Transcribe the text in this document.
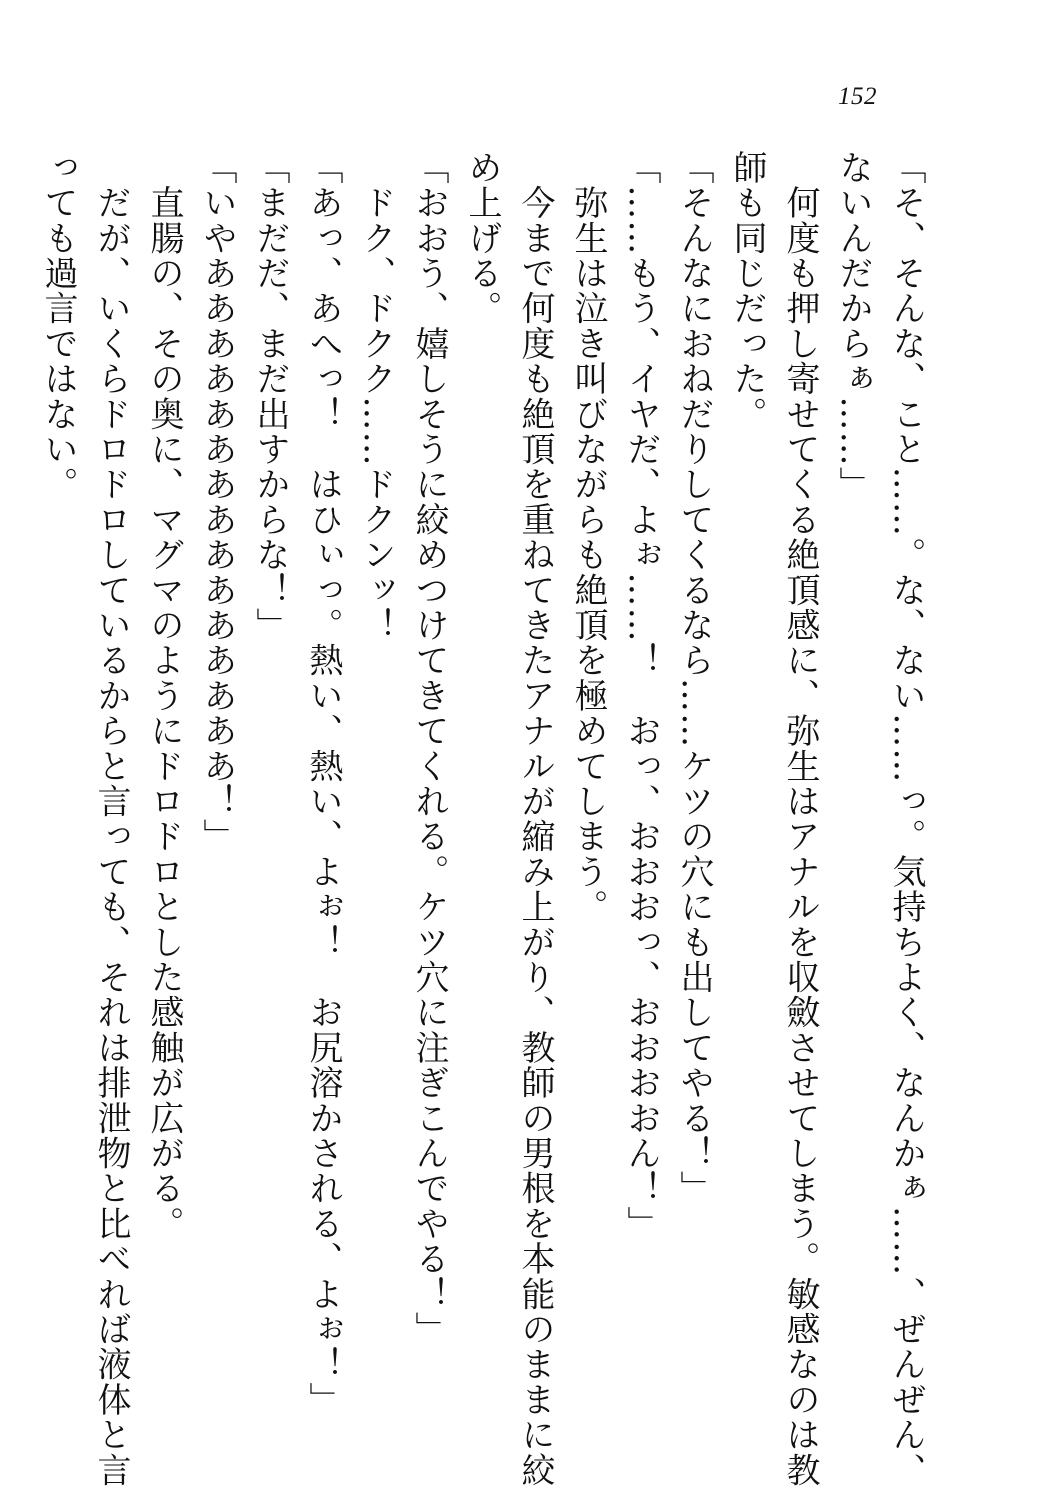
152
「そ、そんな、こと……。な、ない……っ。気持ちよく、なんかぁ……、ぜんぜん、
ないんだからぁ……」
　何度も押し寄せてくる絶頂感に、弥生はアナルを収斂させてしまう。敏感なのは教
師も同じだった。
「そんなにおねだりしてくるなら……ケツの穴にも出してやる！」
「……もう、イヤだ、よぉ……！　おっ、おおおっ、おおおおん！」
　弥生は泣き叫びながらも絶頂を極めてしまう。
　今まで何度も絶頂を重ねてきたアナルが縮み上がり、教師の男根を本能のままに絞
め上げる。
「おおう、嬉しそうに絞めつけてきてくれる。ケツ穴に注ぎこんでやる！」
　ドク、ドクク……ドクンッ！
「あっ、あへっ！　はひぃっ。熱い、熱い、よぉ！　お尻溶かされる、よぉ！」
「まだだ、まだ出すからな！」
「いやあああああああああああああああ！」
　直腸の、その奥に、マグマのようにドロドロとした感触が広がる。
　だが、いくらドロドロしているからと言っても、それは排泄物と比べれば液体と言
っても過言ではない。
